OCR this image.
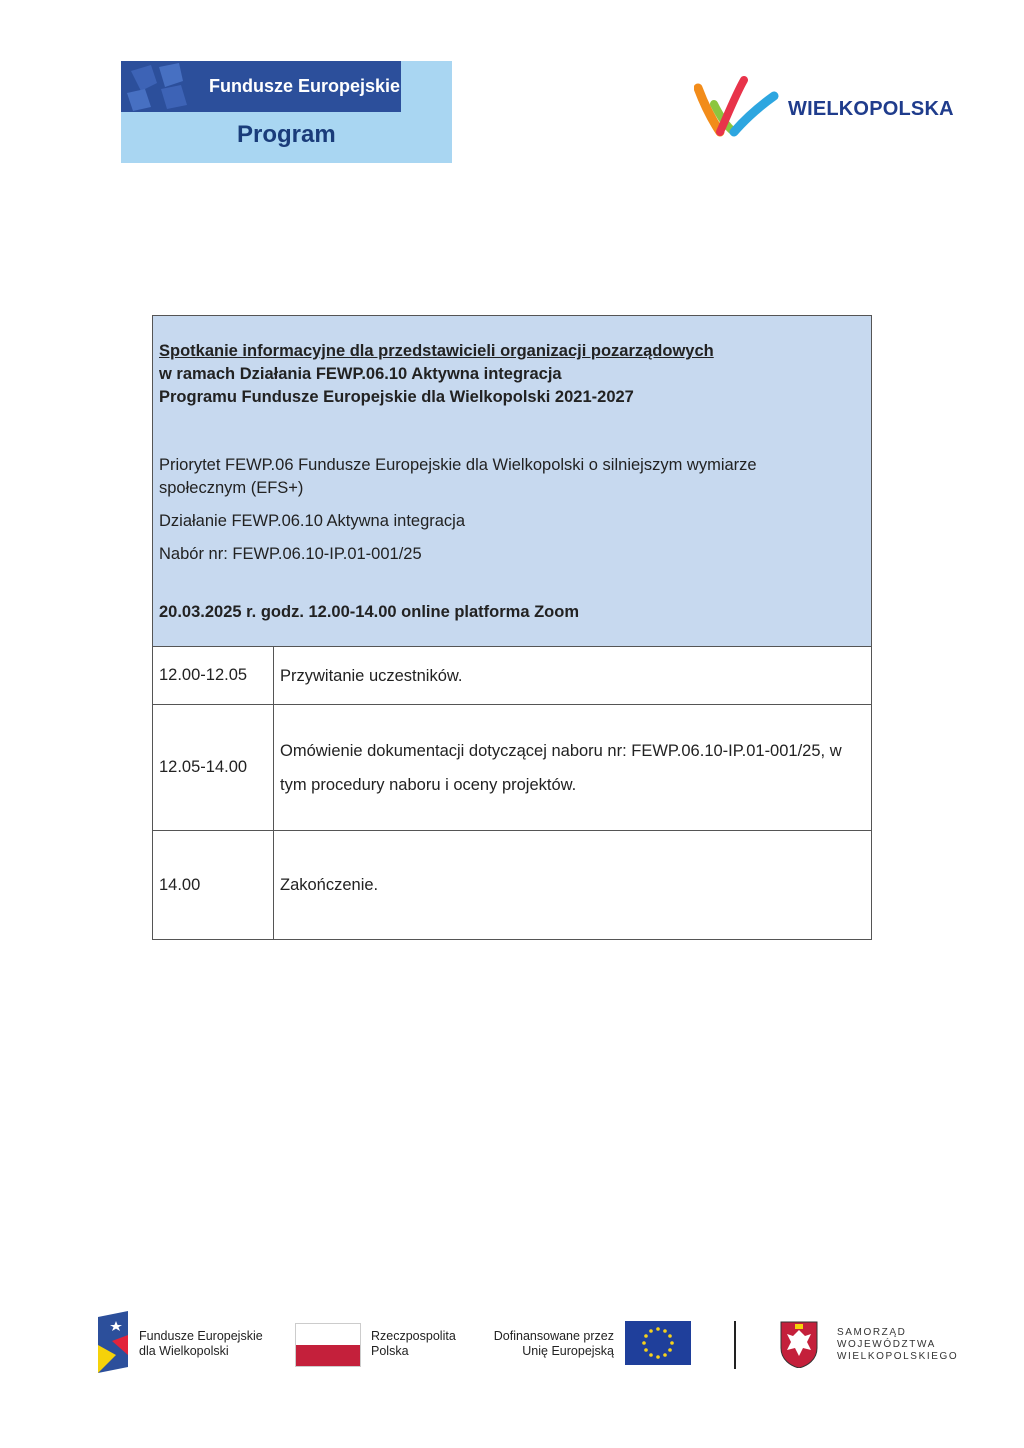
Fundusze Europejskie
Program
WIELKOPOLSKA

Spotkanie informacyjne dla przedstawicieli organizacji pozarządowych

w ramach Działania FEWP.06.10 Aktywna integracja

Programu Fundusze Europejskie dla Wielkopolski 2021-2027

Priorytet FEWP.06 Fundusze Europejskie dla Wielkopolski o silniejszym wymiarze społecznym (EFS+)
Działanie FEWP.06.10 Aktywna integracja
Nabór nr: FEWP.06.10-IP.01-001/25
20.03.2025 r. godz. 12.00-14.00 online platforma Zoom
12.00-12.05	Przywitanie uczestników.
12.05-14.00
Omówienie dokumentacji dotyczącej naboru nr: FEWP.06.10-IP.01-001/25, w tym procedury naboru i oceny projektów.
14.00	Zakończenie.
Fundusze Europejskie
dla Wielkopolski
Rzeczpospolita
Polska
Dofinansowane przez
Unię Europejską
SAMORZĄD
WOJEWÓDZTWA
WIELKOPOLSKIEGO
